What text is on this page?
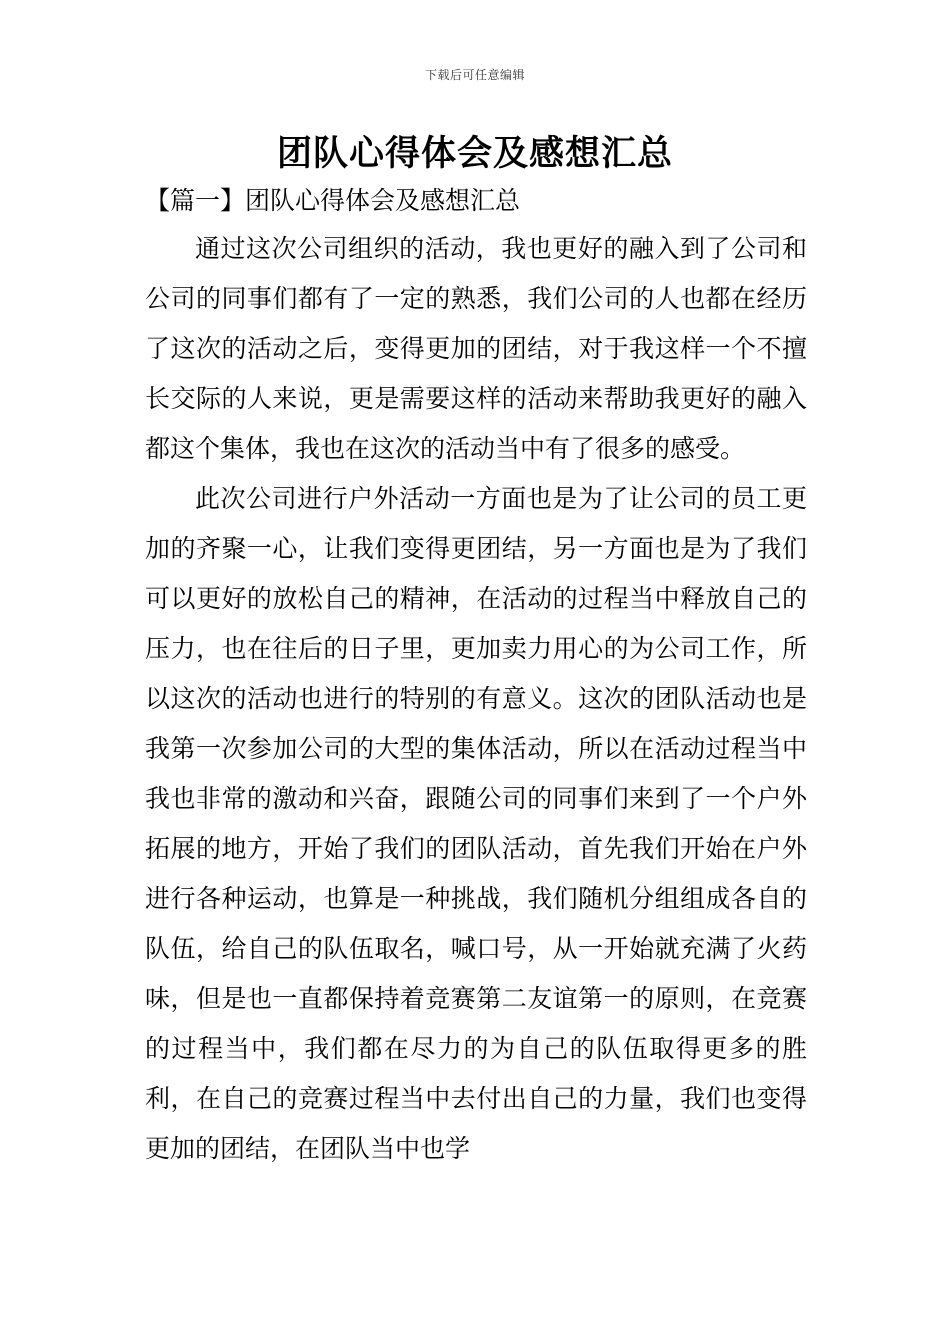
下载后可任意编辑
团队心得体会及感想汇总
【篇一】团队心得体会及感想汇总

通过这次公司组织的活动，我也更好的融入到了公司和公司的同事们都有了一定的熟悉，我们公司的人也都在经历了这次的活动之后，变得更加的团结，对于我这样一个不擅长交际的人来说，更是需要这样的活动来帮助我更好的融入都这个集体，我也在这次的活动当中有了很多的感受。

此次公司进行户外活动一方面也是为了让公司的员工更加的齐聚一心，让我们变得更团结，另一方面也是为了我们可以更好的放松自己的精神，在活动的过程当中释放自己的压力，也在往后的日子里，更加卖力用心的为公司工作，所以这次的活动也进行的特别的有意义。这次的团队活动也是我第一次参加公司的大型的集体活动，所以在活动过程当中我也非常的激动和兴奋，跟随公司的同事们来到了一个户外拓展的地方，开始了我们的团队活动，首先我们开始在户外进行各种运动，也算是一种挑战，我们随机分组组成各自的队伍，给自己的队伍取名，喊口号，从一开始就充满了火药味，但是也一直都保持着竞赛第二友谊第一的原则，在竞赛的过程当中，我们都在尽力的为自己的队伍取得更多的胜利，在自己的竞赛过程当中去付出自己的力量，我们也变得更加的团结，在团队当中也学
